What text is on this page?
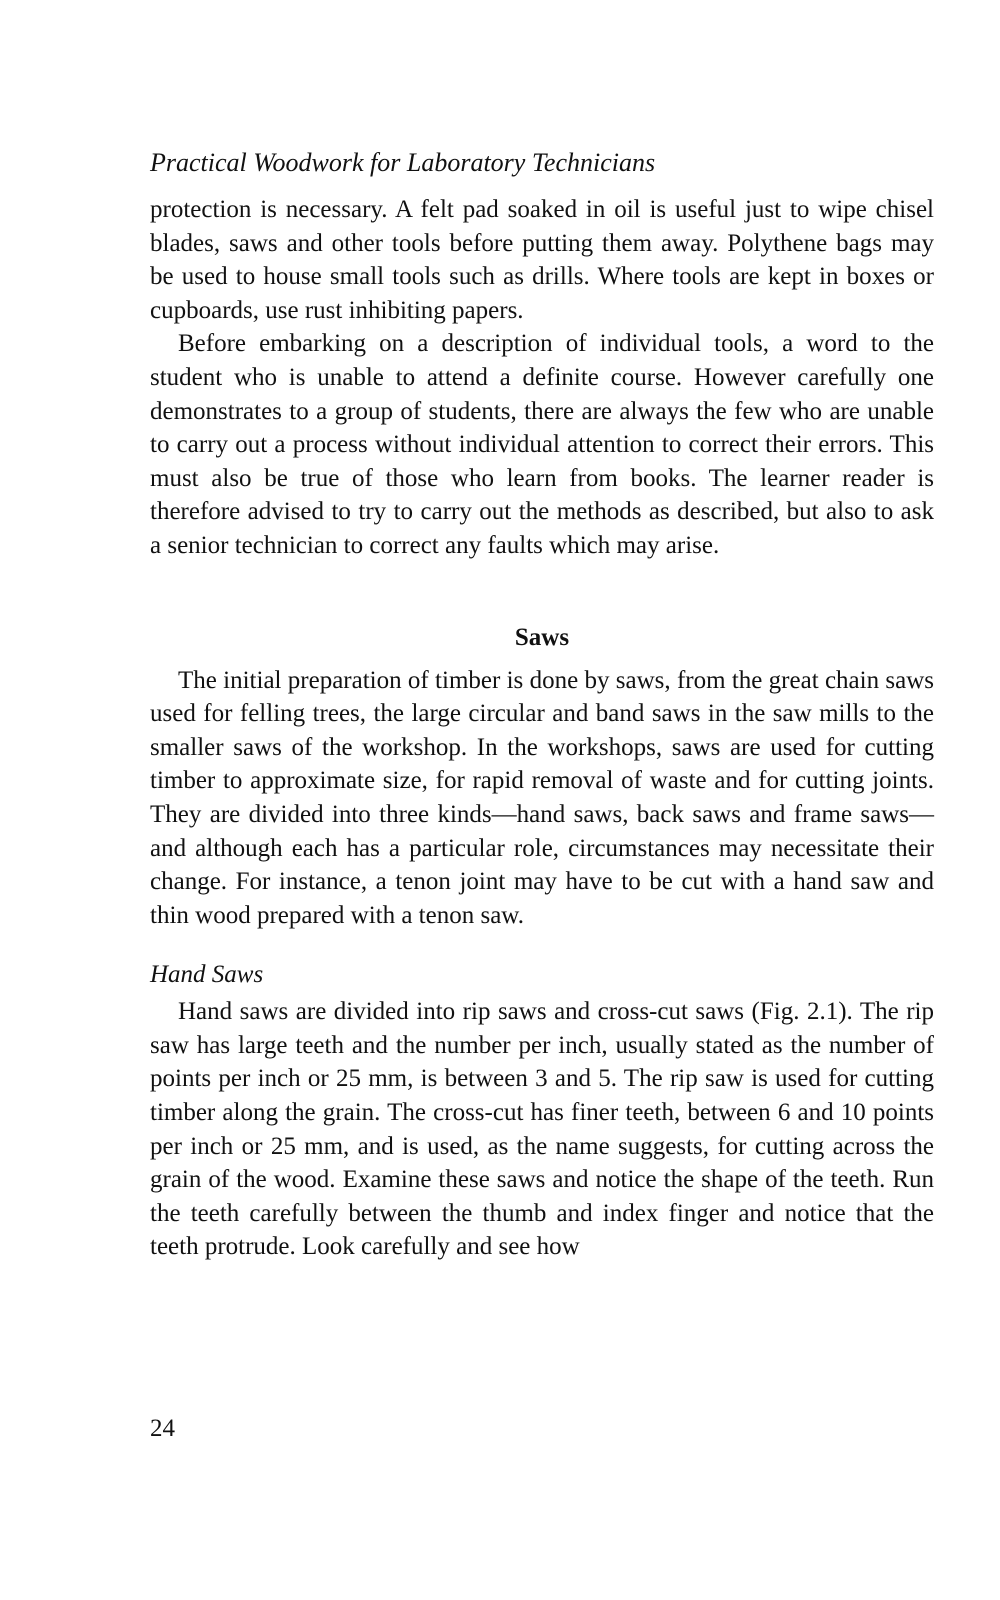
Practical Woodwork for Laboratory Technicians

protection is necessary. A felt pad soaked in oil is useful just to wipe chisel blades, saws and other tools before putting them away. Polythene bags may be used to house small tools such as drills. Where tools are kept in boxes or cupboards, use rust inhibiting papers.

Before embarking on a description of individual tools, a word to the student who is unable to attend a definite course. However carefully one demonstrates to a group of students, there are always the few who are unable to carry out a process without individual attention to correct their errors. This must also be true of those who learn from books. The learner reader is therefore advised to try to carry out the methods as described, but also to ask a senior technician to correct any faults which may arise.

Saws

The initial preparation of timber is done by saws, from the great chain saws used for felling trees, the large circular and band saws in the saw mills to the smaller saws of the workshop. In the workshops, saws are used for cutting timber to approximate size, for rapid removal of waste and for cutting joints. They are divided into three kinds—hand saws, back saws and frame saws—and although each has a particular role, circumstances may necessitate their change. For instance, a tenon joint may have to be cut with a hand saw and thin wood prepared with a tenon saw.

Hand Saws

Hand saws are divided into rip saws and cross-cut saws (Fig. 2.1). The rip saw has large teeth and the number per inch, usually stated as the number of points per inch or 25 mm, is between 3 and 5. The rip saw is used for cutting timber along the grain. The cross-cut has finer teeth, between 6 and 10 points per inch or 25 mm, and is used, as the name suggests, for cutting across the grain of the wood. Examine these saws and notice the shape of the teeth. Run the teeth carefully between the thumb and index finger and notice that the teeth protrude. Look carefully and see how

24
